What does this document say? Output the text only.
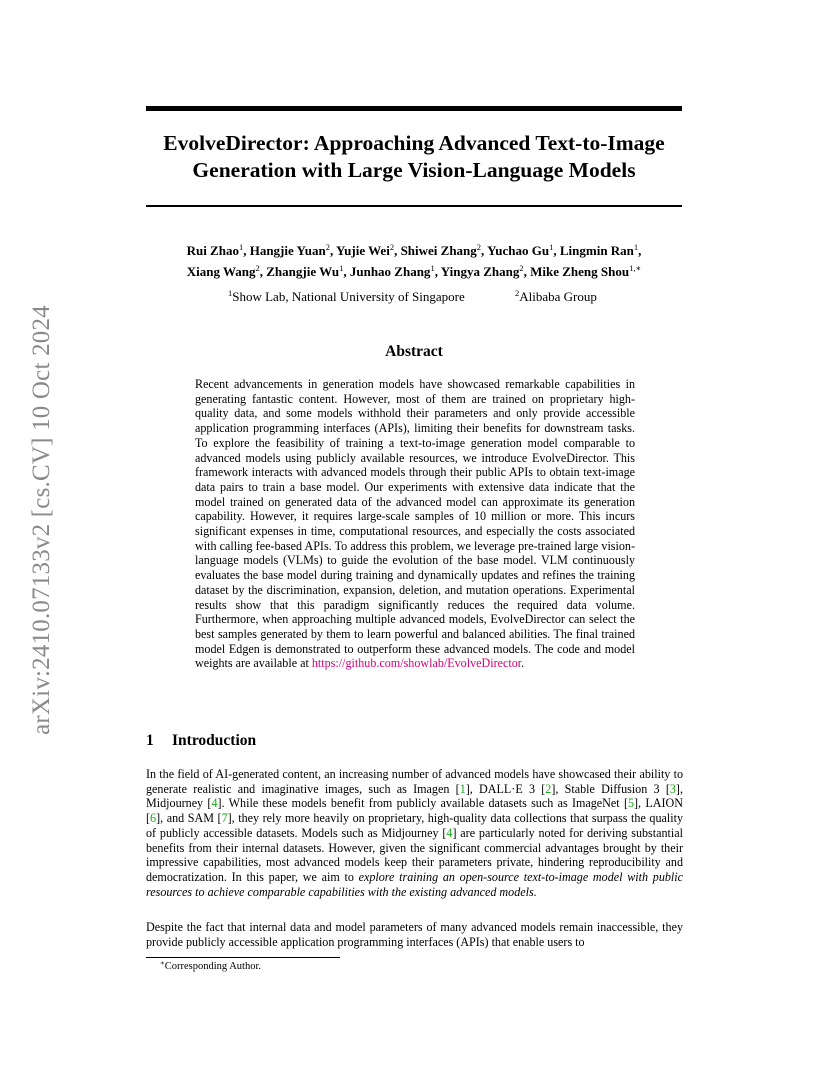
arXiv:2410.07133v2 [cs.CV] 10 Oct 2024
EvolveDirector: Approaching Advanced Text-to-Image
Generation with Large Vision-Language Models
Rui Zhao$^1$, Hangjie Yuan$^2$, Yujie Wei$^2$, Shiwei Zhang$^2$, Yuchao Gu$^1$, Lingmin Ran$^1$,
Xiang Wang$^2$, Zhangjie Wu$^1$, Junhao Zhang$^1$, Yingya Zhang$^2$, Mike Zheng Shou$^{1,∗}$
$^1$Show Lab, National University of Singapore	$^2$Alibaba Group
Abstract
Recent advancements in generation models have showcased remarkable capabilities in generating fantastic content. However, most of them are trained on proprietary high-quality data, and some models withhold their parameters and only provide accessible application programming interfaces (APIs), limiting their benefits for downstream tasks. To explore the feasibility of training a text-to-image generation model comparable to advanced models using publicly available resources, we introduce EvolveDirector. This framework interacts with advanced models through their public APIs to obtain text-image data pairs to train a base model. Our experiments with extensive data indicate that the model trained on generated data of the advanced model can approximate its generation capability. However, it requires large-scale samples of 10 million or more. This incurs significant expenses in time, computational resources, and especially the costs associated with calling fee-based APIs. To address this problem, we leverage pre-trained large vision-language models (VLMs) to guide the evolution of the base model. VLM continuously evaluates the base model during training and dynamically updates and refines the training dataset by the discrimination, expansion, deletion, and mutation operations. Experimental results show that this paradigm significantly reduces the required data volume. Furthermore, when approaching multiple advanced models, EvolveDirector can select the best samples generated by them to learn powerful and balanced abilities. The final trained model Edgen is demonstrated to outperform these advanced models. The code and model weights are available at https://github.com/showlab/EvolveDirector.
1 Introduction
In the field of AI-generated content, an increasing number of advanced models have showcased their ability to generate realistic and imaginative images, such as Imagen [1], DALL·E 3 [2], Stable Diffusion 3 [3], Midjourney [4]. While these models benefit from publicly available datasets such as ImageNet [5], LAION [6], and SAM [7], they rely more heavily on proprietary, high-quality data collections that surpass the quality of publicly accessible datasets. Models such as Midjourney [4] are particularly noted for deriving substantial benefits from their internal datasets. However, given the significant commercial advantages brought by their impressive capabilities, most advanced models keep their parameters private, hindering reproducibility and democratization. In this paper, we aim to explore training an open-source text-to-image model with public resources to achieve comparable capabilities with the existing advanced models.
Despite the fact that internal data and model parameters of many advanced models remain inaccessible, they provide publicly accessible application programming interfaces (APIs) that enable users to
∗Corresponding Author.
